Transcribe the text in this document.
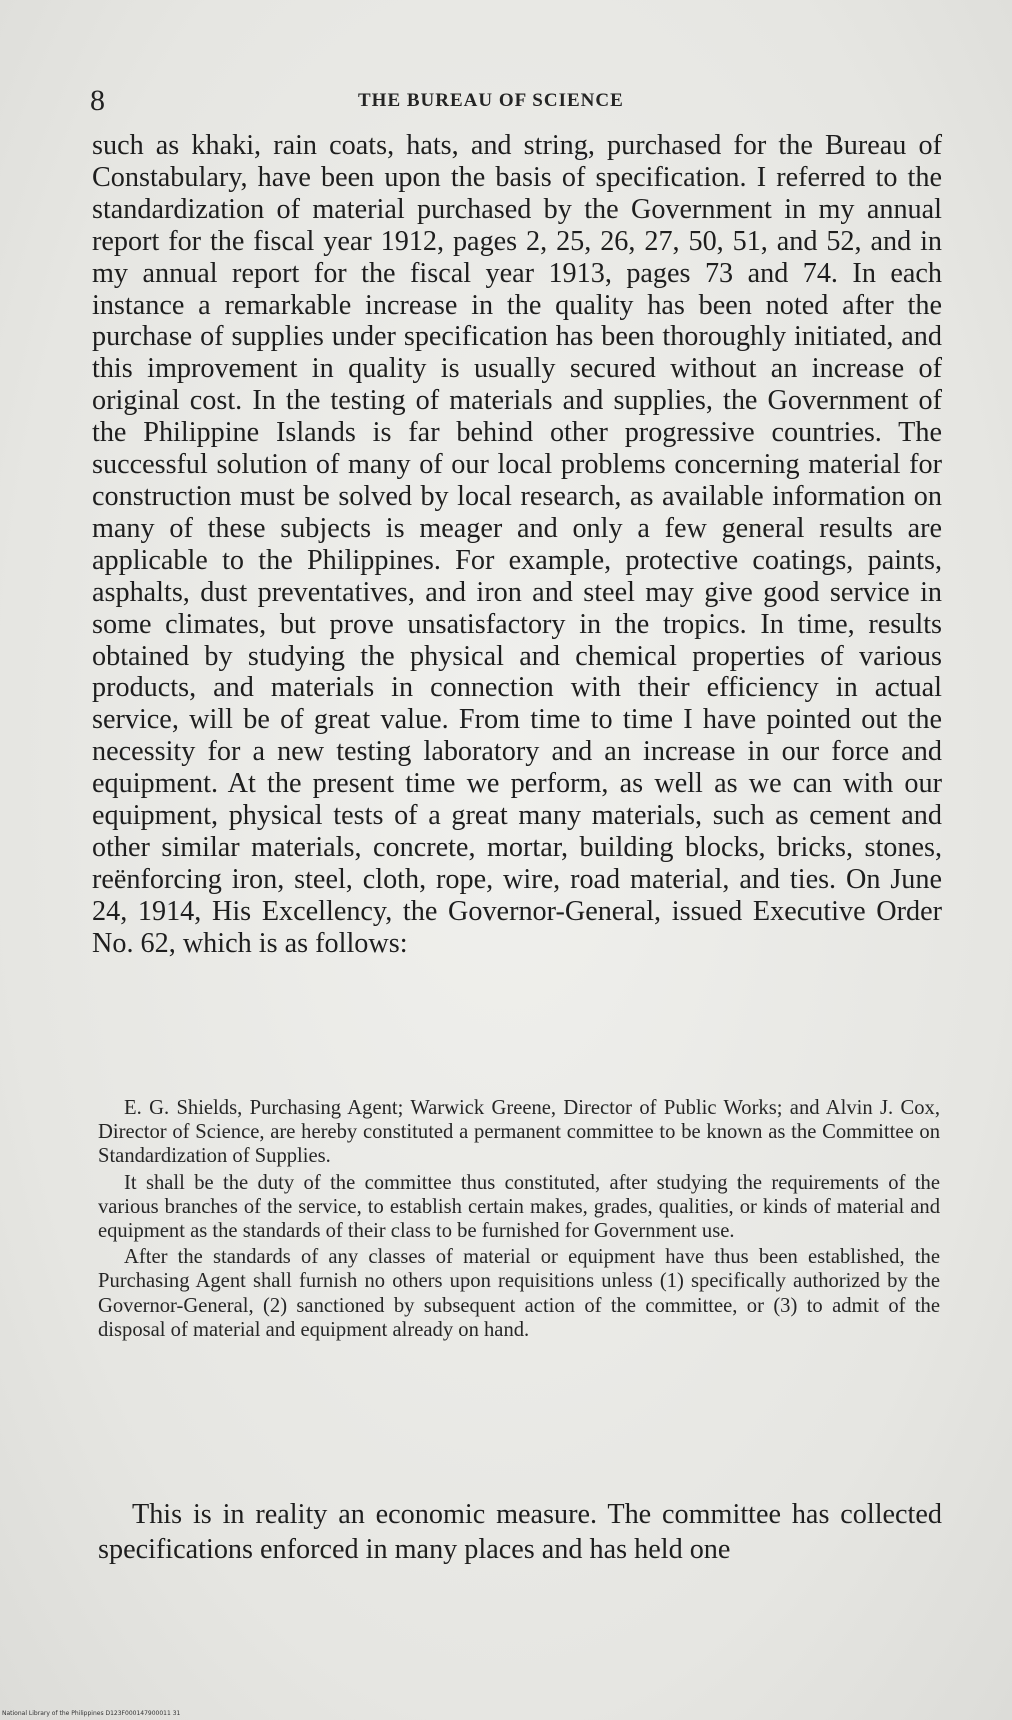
8	THE BUREAU OF SCIENCE

such as khaki, rain coats, hats, and string, purchased for the Bureau of Constabulary, have been upon the basis of specification. I referred to the standardization of material purchased by the Government in my annual report for the fiscal year 1912, pages 2, 25, 26, 27, 50, 51, and 52, and in my annual report for the fiscal year 1913, pages 73 and 74. In each instance a remarkable increase in the quality has been noted after the purchase of supplies under specification has been thoroughly initiated, and this improvement in quality is usually secured without an increase of original cost. In the testing of materials and supplies, the Government of the Philippine Islands is far behind other progressive countries. The successful solution of many of our local problems concerning material for construction must be solved by local research, as available information on many of these subjects is meager and only a few general results are applicable to the Philippines. For example, protective coatings, paints, asphalts, dust preventatives, and iron and steel may give good service in some climates, but prove unsatisfactory in the tropics. In time, results obtained by studying the physical and chemical properties of various products, and materials in connection with their efficiency in actual service, will be of great value. From time to time I have pointed out the necessity for a new testing laboratory and an increase in our force and equipment. At the present time we perform, as well as we can with our equipment, physical tests of a great many materials, such as cement and other similar materials, concrete, mortar, building blocks, bricks, stones, reënforcing iron, steel, cloth, rope, wire, road material, and ties. On June 24, 1914, His Excellency, the Governor-General, issued Executive Order No. 62, which is as follows:

E. G. Shields, Purchasing Agent; Warwick Greene, Director of Public Works; and Alvin J. Cox, Director of Science, are hereby constituted a permanent committee to be known as the Committee on Standardization of Supplies.

It shall be the duty of the committee thus constituted, after studying the requirements of the various branches of the service, to establish certain makes, grades, qualities, or kinds of material and equipment as the standards of their class to be furnished for Government use.

After the standards of any classes of material or equipment have thus been established, the Purchasing Agent shall furnish no others upon requisitions unless (1) specifically authorized by the Governor-General, (2) sanctioned by subsequent action of the committee, or (3) to admit of the disposal of material and equipment already on hand.

This is in reality an economic measure. The committee has collected specifications enforced in many places and has held one
National Library of the Philippines D123F000147900011 31
